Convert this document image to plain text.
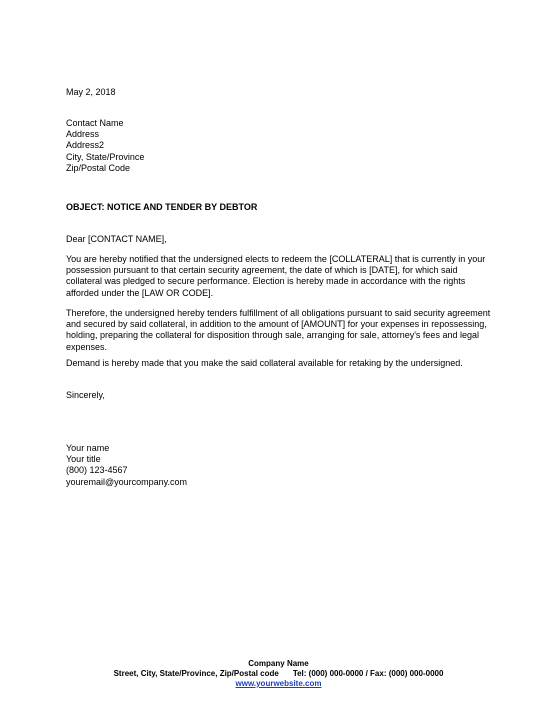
May 2, 2018
Contact Name
Address
Address2
City, State/Province
Zip/Postal Code
OBJECT: NOTICE AND TENDER BY DEBTOR
Dear [CONTACT NAME],

You are hereby notified that the undersigned elects to redeem the [COLLATERAL] that is currently in your possession pursuant to that certain security agreement, the date of which is [DATE], for which said collateral was pledged to secure performance. Election is hereby made in accordance with the rights afforded under the [LAW OR CODE].

Therefore, the undersigned hereby tenders fulfillment of all obligations pursuant to said security agreement and secured by said collateral, in addition to the amount of [AMOUNT] for your expenses in repossessing, holding, preparing the collateral for disposition through sale, arranging for sale, attorney's fees and legal expenses.

Demand is hereby made that you make the said collateral available for retaking by the undersigned.

Sincerely,
Your name
Your title
(800) 123-4567
youremail@yourcompany.com
Company Name
Street, City, State/Province, Zip/Postal code Tel: (000) 000-0000 / Fax: (000) 000-0000
www.yourwebsite.com
